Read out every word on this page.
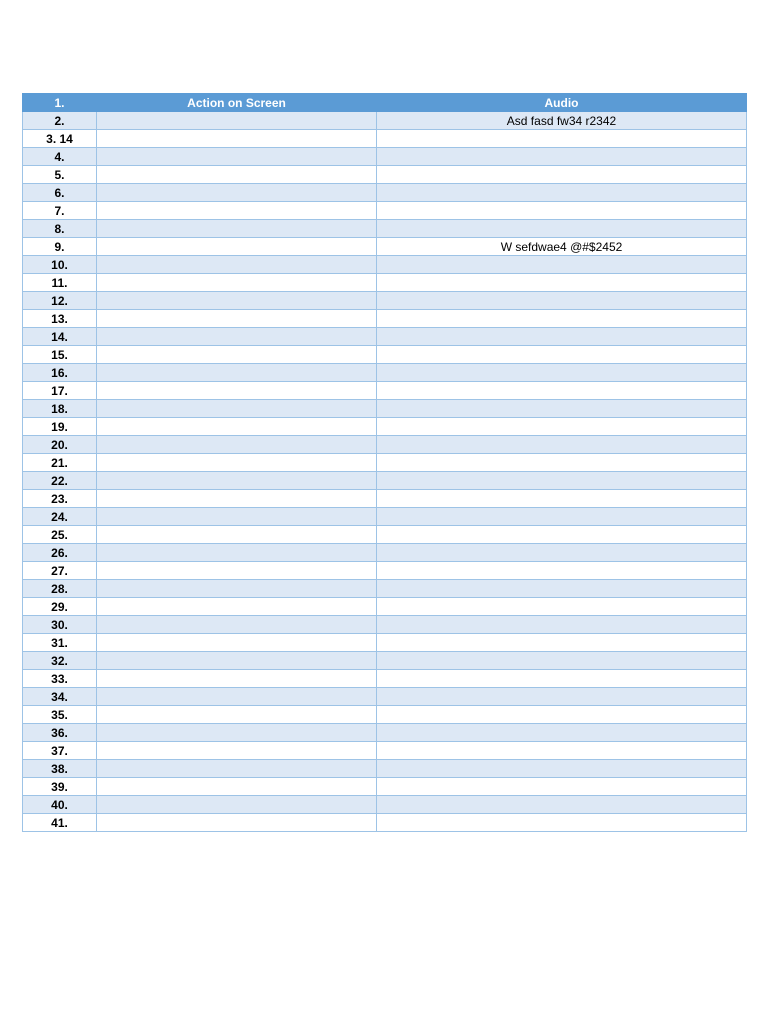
1.	Action on Screen	Audio
2.		Asd fasd fw34 r2342
3. 14		
4.		
5.		
6.		
7.		
8.		
9.		W sefdwae4 @#$2452
10.		
11.		
12.		
13.		
14.		
15.		
16.		
17.		
18.		
19.		
20.		
21.		
22.		
23.		
24.		
25.		
26.		
27.		
28.		
29.		
30.		
31.		
32.		
33.		
34.		
35.		
36.		
37.		
38.		
39.		
40.		
41.		
